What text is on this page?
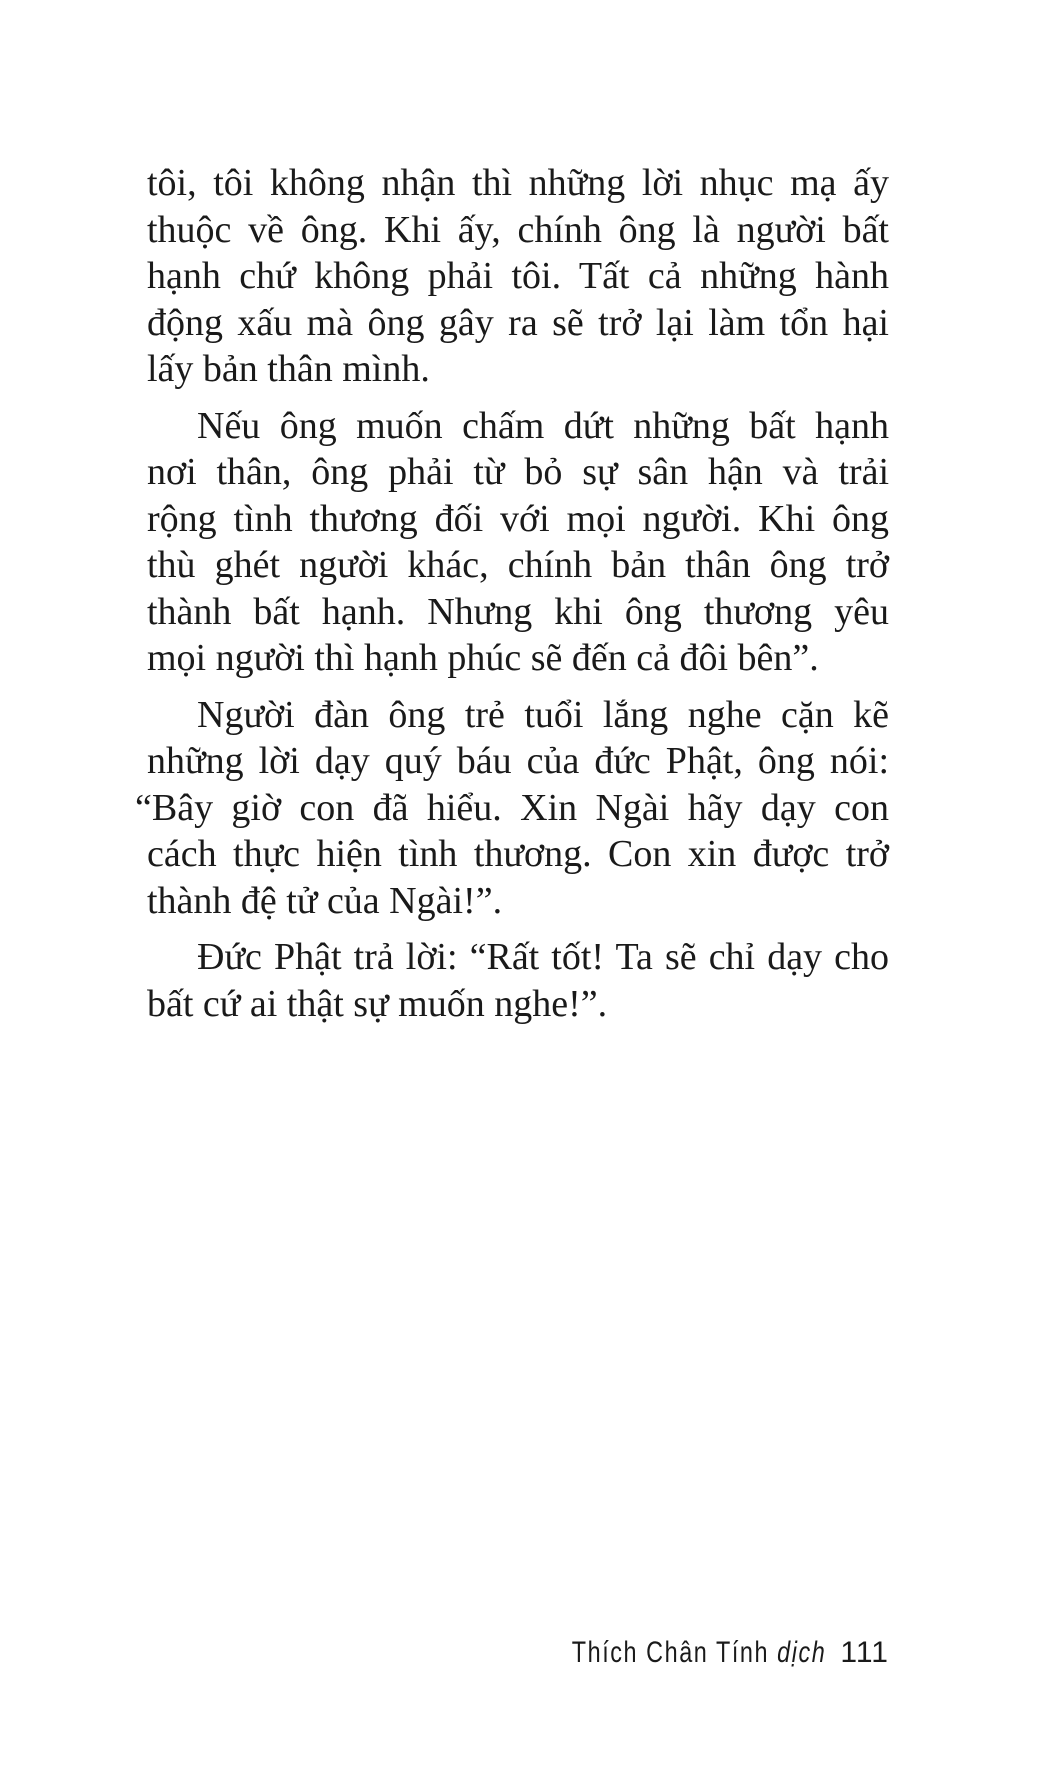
tôi, tôi không nhận thì những lời nhục mạ ấy
thuộc về ông. Khi ấy, chính ông là người bất
hạnh chứ không phải tôi. Tất cả những hành
động xấu mà ông gây ra sẽ trở lại làm tổn hại
lấy bản thân mình.

Nếu ông muốn chấm dứt những bất hạnh
nơi thân, ông phải từ bỏ sự sân hận và trải
rộng tình thương đối với mọi người. Khi ông
thù ghét người khác, chính bản thân ông trở
thành bất hạnh. Nhưng khi ông thương yêu
mọi người thì hạnh phúc sẽ đến cả đôi bên”.

Người đàn ông trẻ tuổi lắng nghe cặn kẽ
những lời dạy quý báu của đức Phật, ông nói:
“Bây giờ con đã hiểu. Xin Ngài hãy dạy con
cách thực hiện tình thương. Con xin được trở
thành đệ tử của Ngài!”.

Đức Phật trả lời: “Rất tốt! Ta sẽ chỉ dạy cho
bất cứ ai thật sự muốn nghe!”.

Thích Chân Tính dịch 111
